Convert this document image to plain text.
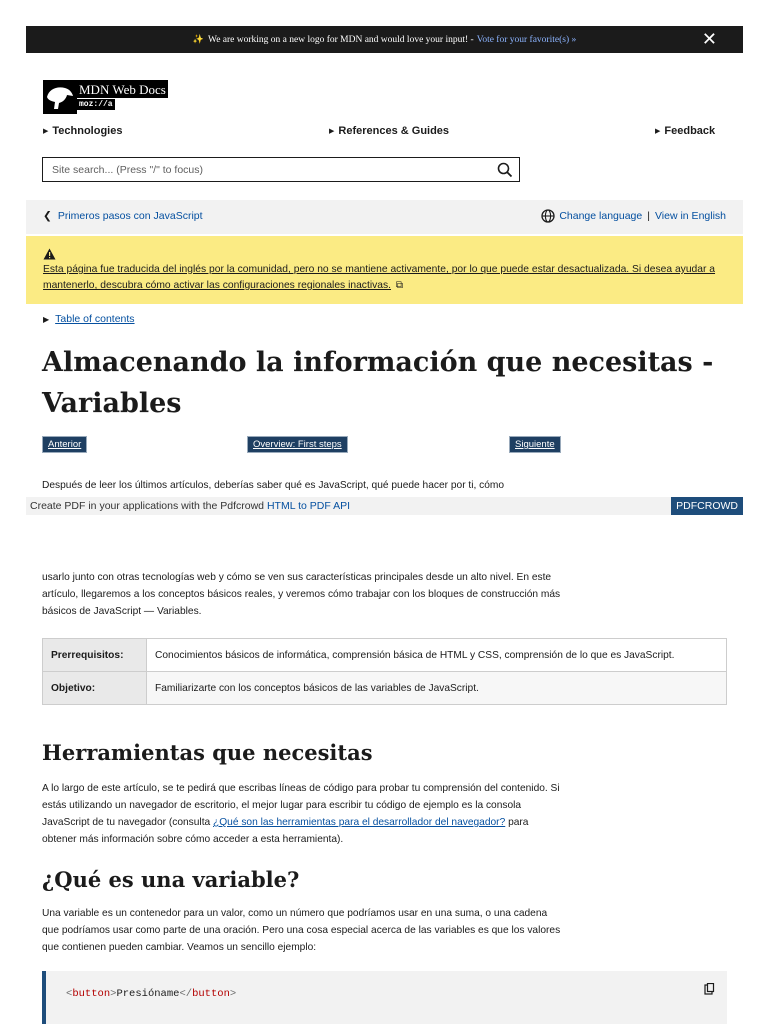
✨ We are working on a new logo for MDN and would love your input! - Vote for your favorite(s) »	✕
MDN Web Docs
moz://a
▶ Technologies	▶ References & Guides	▶ Feedback
Site search... (Press "/" to focus)
❮ Primeros pasos con JavaScript	Change language | View in English
Esta página fue traducida del inglés por la comunidad, pero no se mantiene activamente, por lo que puede estar desactualizada. Si desea ayudar a mantenerlo, descubra cómo activar las configuraciones regionales inactivas. ⧉
▶ Table of contents
Almacenando la información que necesitas - Variables
Anterior	Overview: First steps	Siguiente
Después de leer los últimos artículos, deberías saber qué es JavaScript, qué puede hacer por ti, cómo
Create PDF in your applications with the Pdfcrowd HTML to PDF API	PDFCROWD
usarlo junto con otras tecnologías web y cómo se ven sus características principales desde un alto nivel. En este artículo, llegaremos a los conceptos básicos reales, y veremos cómo trabajar con los bloques de construcción más básicos de JavaScript — Variables.
Prerrequisitos:	Conocimientos básicos de informática, comprensión básica de HTML y CSS, comprensión de lo que es JavaScript.
Objetivo:	Familiarizarte con los conceptos básicos de las variables de JavaScript.
Herramientas que necesitas
A lo largo de este artículo, se te pedirá que escribas líneas de código para probar tu comprensión del contenido. Si estás utilizando un navegador de escritorio, el mejor lugar para escribir tu código de ejemplo es la consola JavaScript de tu navegador (consulta ¿Qué son las herramientas para el desarrollador del navegador? para obtener más información sobre cómo acceder a esta herramienta).
¿Qué es una variable?
Una variable es un contenedor para un valor, como un número que podríamos usar en una suma, o una cadena que podríamos usar como parte de una oración. Pero una cosa especial acerca de las variables es que los valores que contienen pueden cambiar. Veamos un sencillo ejemplo:
<button>Presióname</button>
